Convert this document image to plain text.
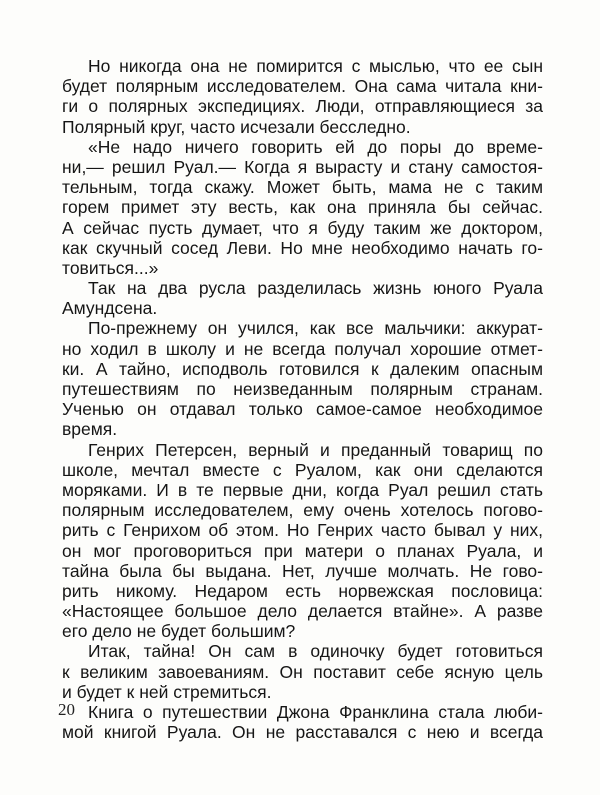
Но никогда она не помирится с мыслью, что ее сын
будет полярным исследователем. Она сама читала кни-
ги о полярных экспедициях. Люди, отправляющиеся за
Полярный круг, часто исчезали бесследно.
«Не надо ничего говорить ей до поры до време-
ни,— решил Руал.— Когда я вырасту и стану самостоя-
тельным, тогда скажу. Может быть, мама не с таким
горем примет эту весть, как она приняла бы сейчас.
А сейчас пусть думает, что я буду таким же доктором,
как скучный сосед Леви. Но мне необходимо начать го-
товиться...»
Так на два русла разделилась жизнь юного Руала
Амундсена.
По-прежнему он учился, как все мальчики: аккурат-
но ходил в школу и не всегда получал хорошие отмет-
ки. А тайно, исподволь готовился к далеким опасным
путешествиям по неизведанным полярным странам.
Ученью он отдавал только самое-самое необходимое
время.
Генрих Петерсен, верный и преданный товарищ по
школе, мечтал вместе с Руалом, как они сделаются
моряками. И в те первые дни, когда Руал решил стать
полярным исследователем, ему очень хотелось погово-
рить с Генрихом об этом. Но Генрих часто бывал у них,
он мог проговориться при матери о планах Руала, и
тайна была бы выдана. Нет, лучше молчать. Не гово-
рить никому. Недаром есть норвежская пословица:
«Настоящее большое дело делается втайне». А разве
его дело не будет большим?
Итак, тайна! Он сам в одиночку будет готовиться
к великим завоеваниям. Он поставит себе ясную цель
и будет к ней стремиться.
Книга о путешествии Джона Франклина стала люби-
мой книгой Руала. Он не расставался с нею и всегда
20
